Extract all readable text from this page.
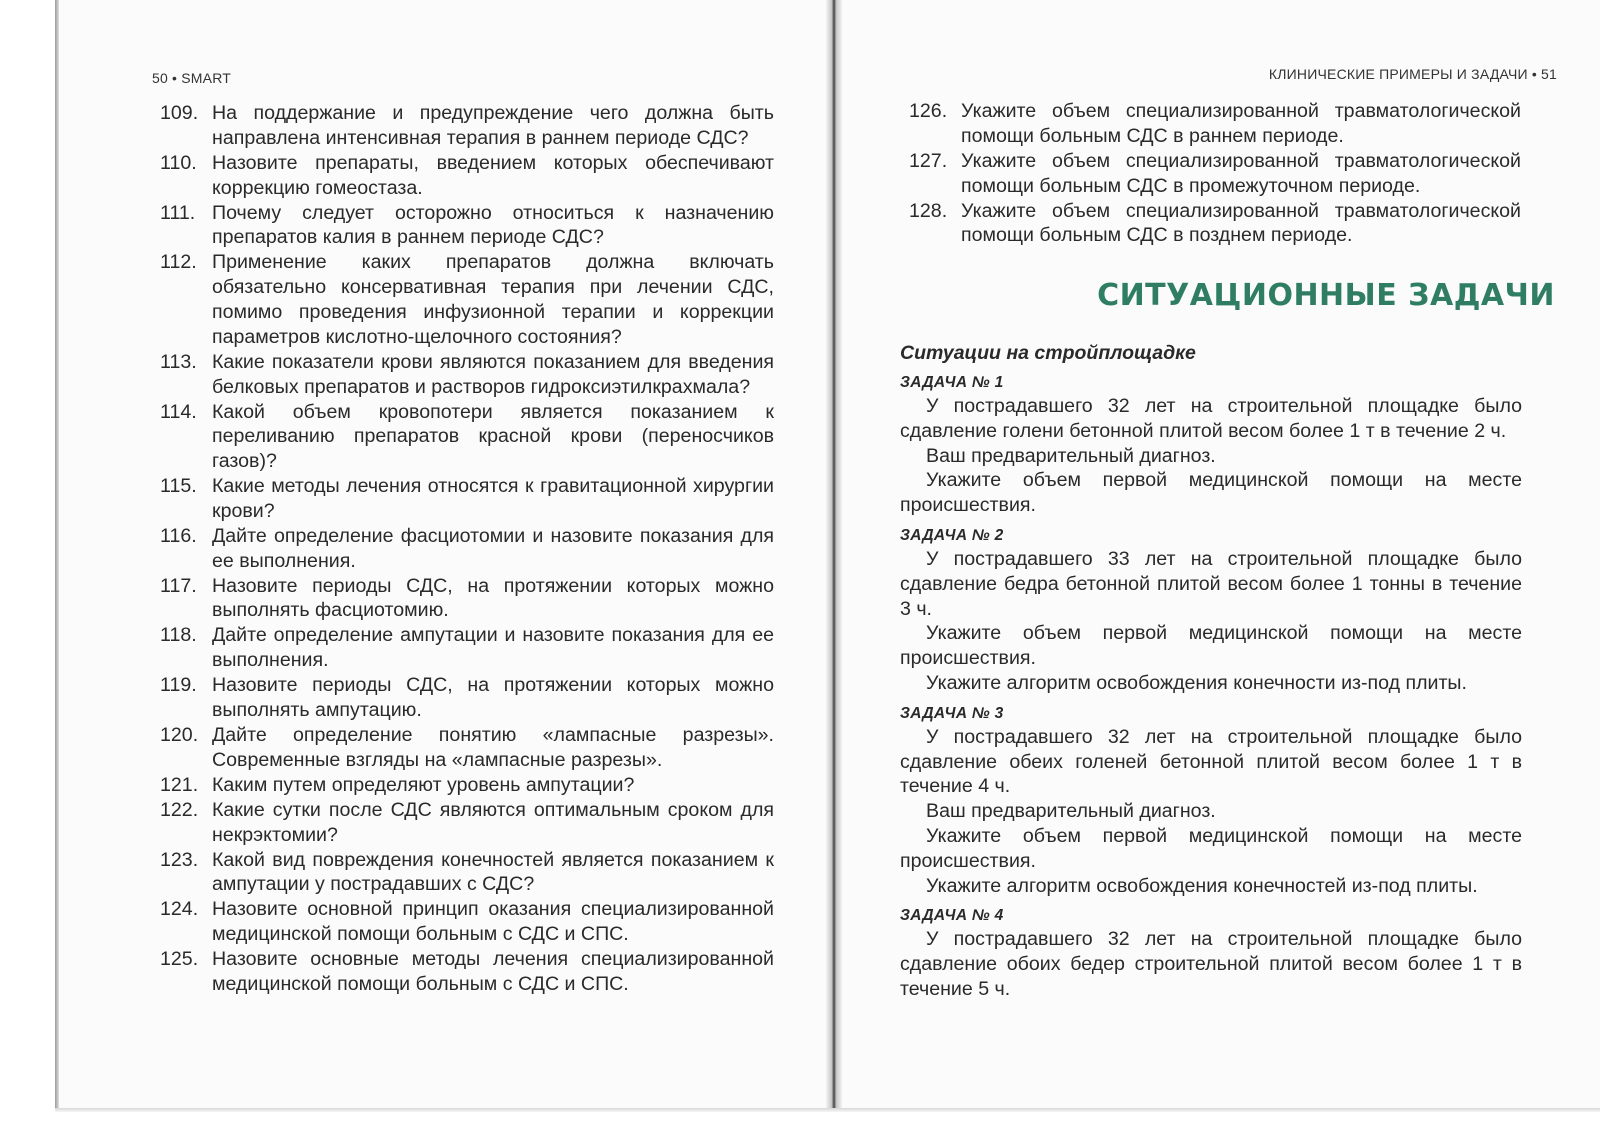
50 • SMART	КЛИНИЧЕСКИЕ ПРИМЕРЫ И ЗАДАЧИ • 51
109. На поддержание и предупреждение чего должна быть направлена интенсивная терапия в раннем периоде СДС?
110. Назовите препараты, введением которых обеспечивают коррекцию гомеостаза.
111. Почему следует осторожно относиться к назначению препаратов калия в раннем периоде СДС?
112. Применение каких препаратов должна включать обязательно консервативная терапия при лечении СДС, помимо проведения инфузионной терапии и коррекции параметров кислотно-щелочного состояния?
113. Какие показатели крови являются показанием для введения белковых препаратов и растворов гидроксиэтилкрахмала?
114. Какой объем кровопотери является показанием к переливанию препаратов красной крови (переносчиков газов)?
115. Какие методы лечения относятся к гравитационной хирургии крови?
116. Дайте определение фасциотомии и назовите показания для ее выполнения.
117. Назовите периоды СДС, на протяжении которых можно выполнять фасциотомию.
118. Дайте определение ампутации и назовите показания для ее выполнения.
119. Назовите периоды СДС, на протяжении которых можно выполнять ампутацию.
120. Дайте определение понятию «лампасные разрезы». Современные взгляды на «лампасные разрезы».
121. Каким путем определяют уровень ампутации?
122. Какие сутки после СДС являются оптимальным сроком для некрэктомии?
123. Какой вид повреждения конечностей является показанием к ампутации у пострадавших с СДС?
124. Назовите основной принцип оказания специализированной медицинской помощи больным с СДС и СПС.
125. Назовите основные методы лечения специализированной медицинской помощи больным с СДС и СПС.
126. Укажите объем специализированной травматологической помощи больным СДС в раннем периоде.
127. Укажите объем специализированной травматологической помощи больным СДС в промежуточном периоде.
128. Укажите объем специализированной травматологической помощи больным СДС в позднем периоде.
СИТУАЦИОННЫЕ ЗАДАЧИ
Ситуации на стройплощадке
ЗАДАЧА № 1
У пострадавшего 32 лет на строительной площадке было сдавление голени бетонной плитой весом более 1 т в течение 2 ч.
Ваш предварительный диагноз.
Укажите объем первой медицинской помощи на месте происшествия.
ЗАДАЧА № 2
У пострадавшего 33 лет на строительной площадке было сдавление бедра бетонной плитой весом более 1 тонны в течение 3 ч.
Укажите объем первой медицинской помощи на месте происшествия.
Укажите алгоритм освобождения конечности из-под плиты.
ЗАДАЧА № 3
У пострадавшего 32 лет на строительной площадке было сдавление обеих голеней бетонной плитой весом более 1 т в течение 4 ч.
Ваш предварительный диагноз.
Укажите объем первой медицинской помощи на месте происшествия.
Укажите алгоритм освобождения конечностей из-под плиты.
ЗАДАЧА № 4
У пострадавшего 32 лет на строительной площадке было сдавление обоих бедер строительной плитой весом более 1 т в течение 5 ч.
